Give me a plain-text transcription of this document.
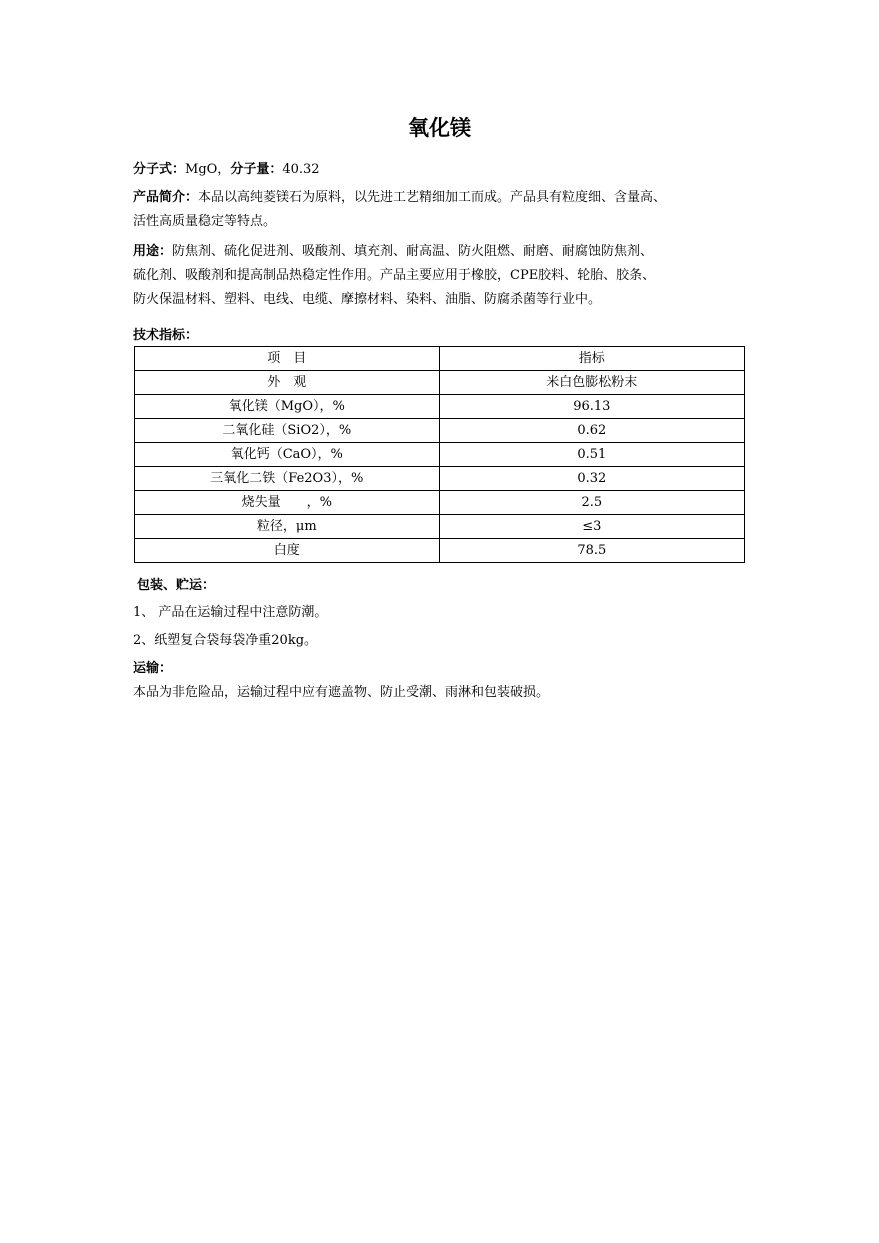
氧化镁
分子式：MgO，分子量：40.32
产品简介：本品以高纯菱镁石为原料，以先进工艺精细加工而成。产品具有粒度细、含量高、
活性高质量稳定等特点。
用途：防焦剂、硫化促进剂、吸酸剂、填充剂、耐高温、防火阻燃、耐磨、耐腐蚀防焦剂、
硫化剂、吸酸剂和提高制品热稳定性作用。产品主要应用于橡胶，CPE胶料、轮胎、胶条、
防火保温材料、塑料、电线、电缆、摩擦材料、染料、油脂、防腐杀菌等行业中。
技术指标：
项　目	指标
外　观	米白色膨松粉末
氧化镁（MgO），%	96.13
二氧化硅（SiO2），%	0.62
氧化钙（CaO），%	0.51
三氧化二铁（Fe2O3），%	0.32
烧失量　　，%	2.5
粒径，μm	≤3
白度	78.5
包装、贮运：
1、 产品在运输过程中注意防潮。
2、纸塑复合袋每袋净重20kg。
运输：
本品为非危险品，运输过程中应有遮盖物、防止受潮、雨淋和包装破损。
